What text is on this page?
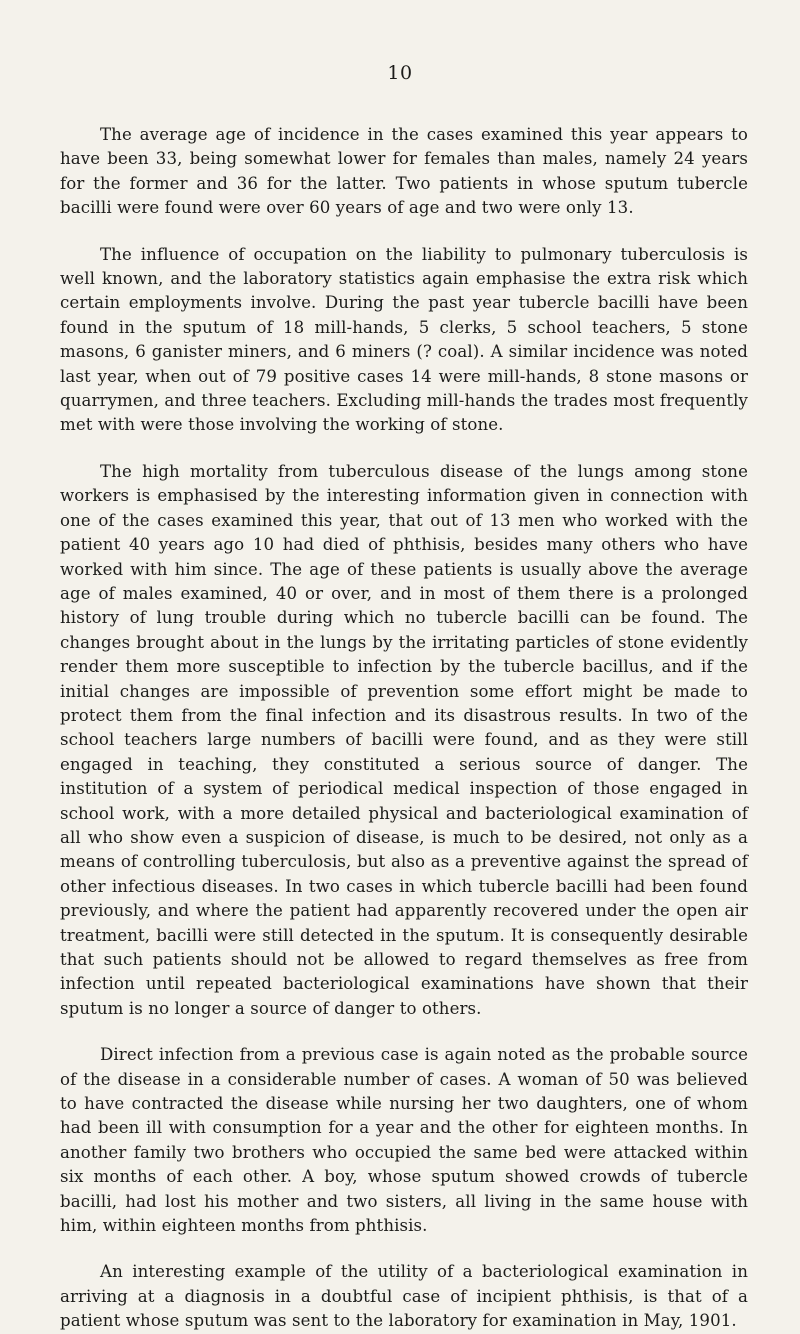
10

The average age of incidence in the cases examined this year appears to have been 33, being somewhat lower for females than males, namely 24 years for the former and 36 for the latter. Two patients in whose sputum tubercle bacilli were found were over 60 years of age and two were only 13.

The influence of occupation on the liability to pulmonary tuberculosis is well known, and the laboratory statistics again emphasise the extra risk which certain employments involve. During the past year tubercle bacilli have been found in the sputum of 18 mill-hands, 5 clerks, 5 school teachers, 5 stone masons, 6 ganister miners, and 6 miners (? coal). A similar incidence was noted last year, when out of 79 positive cases 14 were mill-hands, 8 stone masons or quarrymen, and three teachers. Excluding mill-hands the trades most frequently met with were those involving the working of stone.

The high mortality from tuberculous disease of the lungs among stone workers is emphasised by the interesting information given in connection with one of the cases examined this year, that out of 13 men who worked with the patient 40 years ago 10 had died of phthisis, besides many others who have worked with him since. The age of these patients is usually above the average age of males examined, 40 or over, and in most of them there is a prolonged history of lung trouble during which no tubercle bacilli can be found. The changes brought about in the lungs by the irritating particles of stone evidently render them more susceptible to infection by the tubercle bacillus, and if the initial changes are impossible of prevention some effort might be made to protect them from the final infection and its disastrous results. In two of the school teachers large numbers of bacilli were found, and as they were still engaged in teaching, they constituted a serious source of danger. The institution of a system of periodical medical inspection of those engaged in school work, with a more detailed physical and bacteriological examination of all who show even a suspicion of disease, is much to be desired, not only as a means of controlling tuberculosis, but also as a preventive against the spread of other infectious diseases. In two cases in which tubercle bacilli had been found previously, and where the patient had apparently recovered under the open air treatment, bacilli were still detected in the sputum. It is consequently desirable that such patients should not be allowed to regard themselves as free from infection until repeated bacteriological examinations have shown that their sputum is no longer a source of danger to others.

Direct infection from a previous case is again noted as the probable source of the disease in a considerable number of cases. A woman of 50 was believed to have contracted the disease while nursing her two daughters, one of whom had been ill with consumption for a year and the other for eighteen months. In another family two brothers who occupied the same bed were attacked within six months of each other. A boy, whose sputum showed crowds of tubercle bacilli, had lost his mother and two sisters, all living in the same house with him, within eighteen months from phthisis.

An interesting example of the utility of a bacteriological examination in arriving at a diagnosis in a doubtful case of incipient phthisis, is that of a patient whose sputum was sent to the laboratory for examination in May, 1901.
